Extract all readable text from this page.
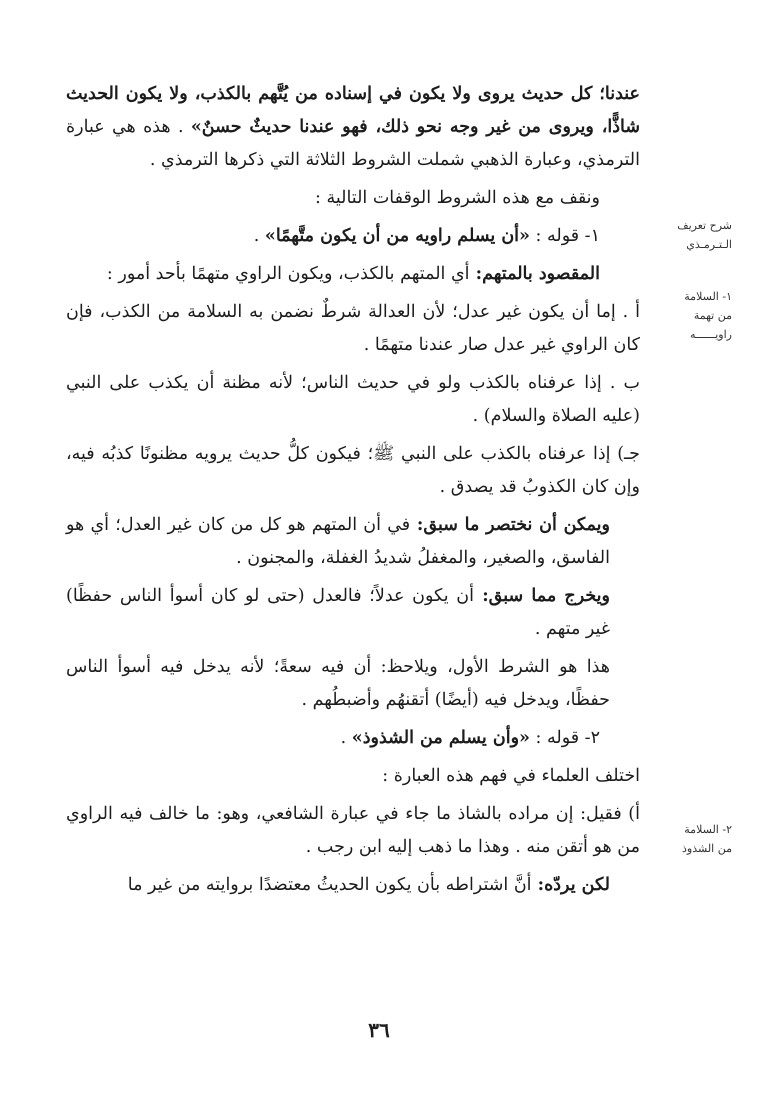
عندنا؛ كل حديث يروى ولا يكون في إسناده من يُتَّهم بالكذب، ولا يكون الحديث شاذًّا، ويروى من غير وجه نحو ذلك، فهو عندنا حديثٌ حسنٌ» . هذه هي عبارة الترمذي، وعبارة الذهبي شملت الشروط الثلاثة التي ذكرها الترمذي .

ونقف مع هذه الشروط الوقفات التالية :

١- قوله : «أن يسلم راويه من أن يكون متَّهمًا» .

المقصود بالمتهم: أي المتهم بالكذب، ويكون الراوي متهمًا بأحد أمور :

أ . إما أن يكون غير عدل؛ لأن العدالة شرطٌ نضمن به السلامة من الكذب، فإن كان الراوي غير عدل صار عندنا متهمًا .

ب . إذا عرفناه بالكذب ولو في حديث الناس؛ لأنه مظنة أن يكذب على النبي (عليه الصلاة والسلام) .

جـ) إذا عرفناه بالكذب على النبي ﷺ؛ فيكون كلُّ حديث يرويه مظنونًا كذبُه فيه، وإن كان الكذوبُ قد يصدق .

ويمكن أن نختصر ما سبق: في أن المتهم هو كل من كان غير العدل؛ أي هو الفاسق، والصغير، والمغفلُ شديدُ الغفلة، والمجنون .

ويخرج مما سبق: أن يكون عدلاً؛ فالعدل (حتى لو كان أسوأ الناس حفظًا) غير متهم .

هذا هو الشرط الأول، ويلاحظ: أن فيه سعةً؛ لأنه يدخل فيه أسوأ الناس حفظًا، ويدخل فيه (أيضًا) أتقنهُم وأضبطُهم .

٢- قوله : «وأن يسلم من الشذوذ» .

اختلف العلماء في فهم هذه العبارة :

أ) فقيل: إن مراده بالشاذ ما جاء في عبارة الشافعي، وهو: ما خالف فيه الراوي من هو أتقن منه . وهذا ما ذهب إليه ابن رجب .

لكن يردّه: أنَّ اشتراطه بأن يكون الحديثُ معتضدًا بروايته من غير ما

شرح تعريف
الـتـرمـذي
١- السلامة
من تهمة
راويــــــه
٢- السلامة
من الشذوذ
٣٦
